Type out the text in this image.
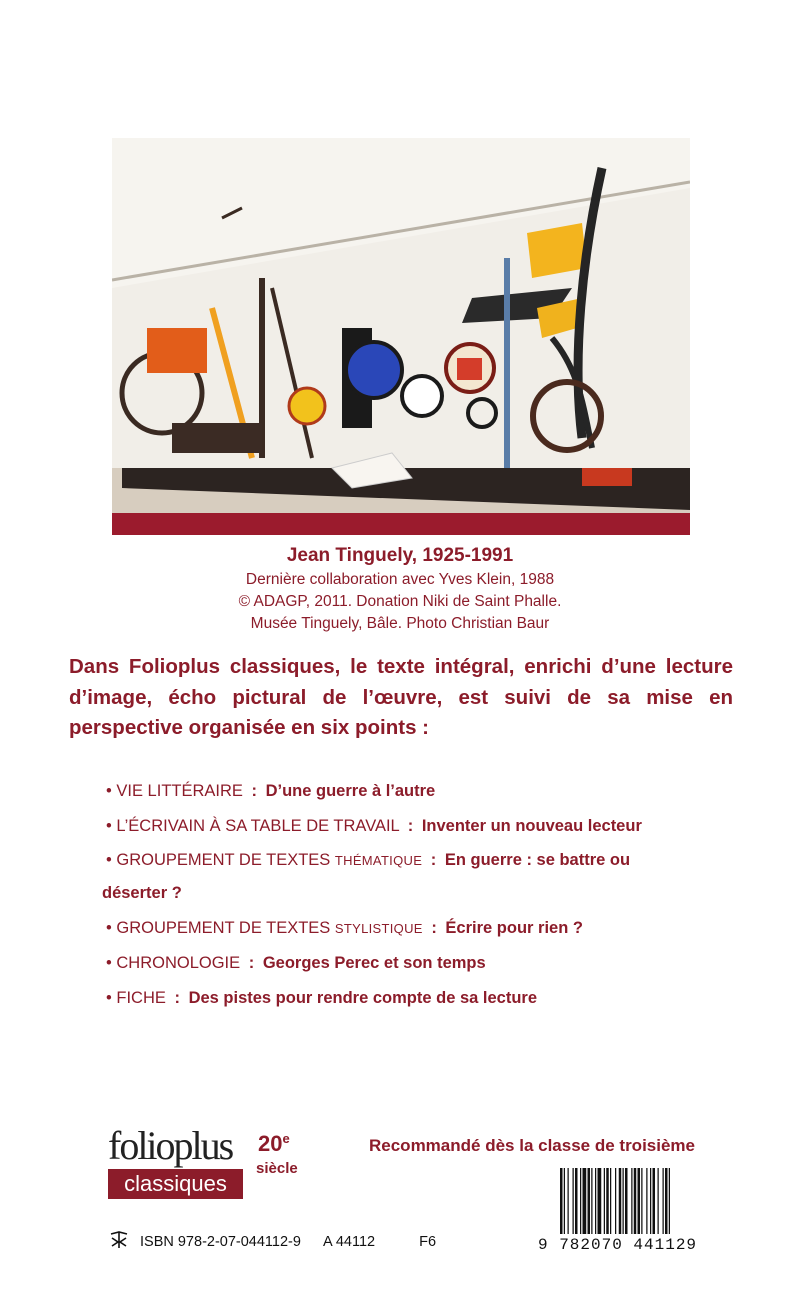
Jean Tinguely, 1925-1991
Dernière collaboration avec Yves Klein, 1988
© ADAGP, 2011. Donation Niki de Saint Phalle.
Musée Tinguely, Bâle. Photo Christian Baur
Dans Folioplus classiques, le texte intégral, enrichi d’une lecture d’image, écho pictural de l’œuvre, est suivi de sa mise en perspective organisée en six points :
• VIE LITTÉRAIRE : D’une guerre à l’autre
• L’ÉCRIVAIN À SA TABLE DE TRAVAIL : Inventer un nouveau lecteur
• GROUPEMENT DE TEXTES THÉMATIQUE : En guerre : se battre ou
déserter ?
• GROUPEMENT DE TEXTES STYLISTIQUE : Écrire pour rien ?
• CHRONOLOGIE : Georges Perec et son temps
• FICHE : Des pistes pour rendre compte de sa lecture
folioplus
classiques
20e
siècle
Recommandé dès la classe de troisième
9 782070 441129
ISBN 978-2-07-044112-9 A 44112	F6
